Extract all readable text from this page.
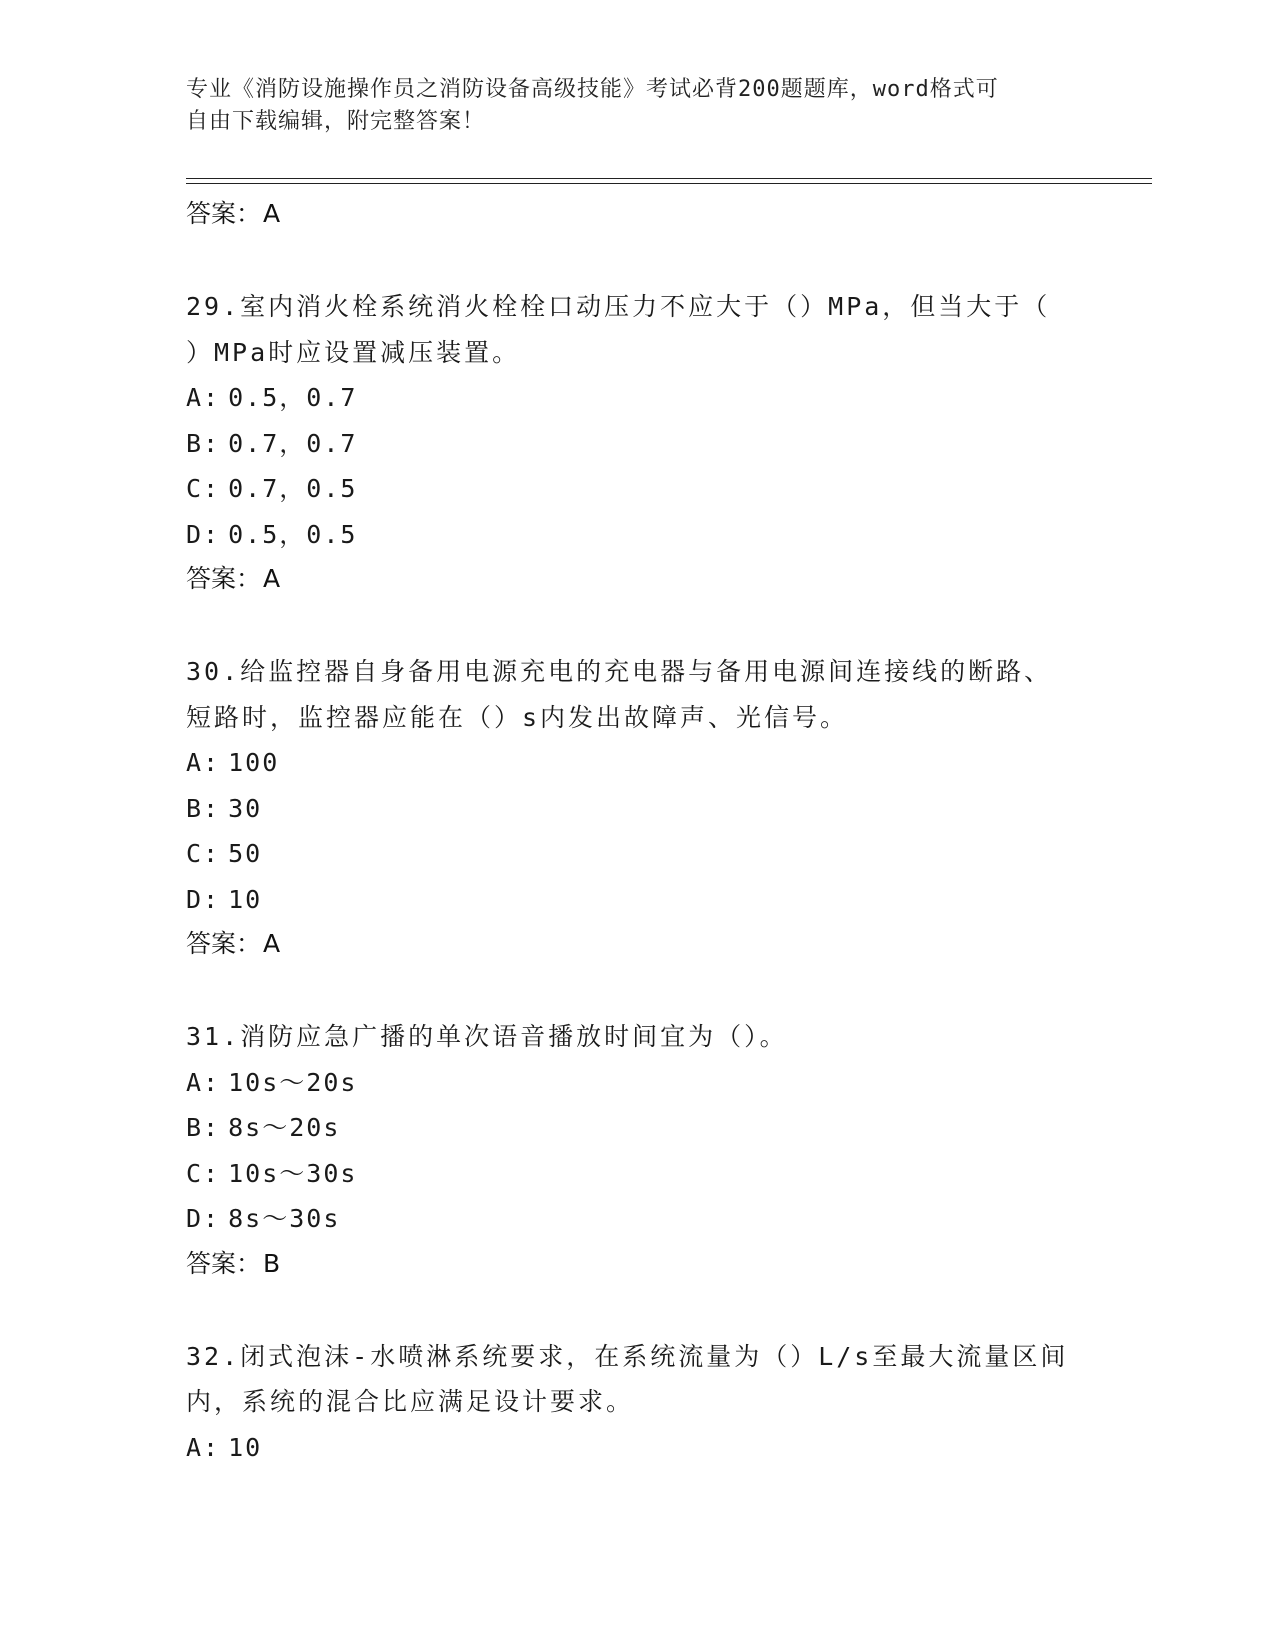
专业《消防设施操作员之消防设备高级技能》考试必背200题题库，word格式可
自由下载编辑，附完整答案！
答案：A
29.室内消火栓系统消火栓栓口动压力不应大于（）MPa，但当大于（
）MPa时应设置减压装置。
A: 0.5，0.7
B: 0.7，0.7
C: 0.7，0.5
D: 0.5，0.5
答案：A
30.给监控器自身备用电源充电的充电器与备用电源间连接线的断路、
短路时，监控器应能在（）s内发出故障声、光信号。
A: 100
B: 30
C: 50
D: 10
答案：A
31.消防应急广播的单次语音播放时间宜为（）。
A: 10s～20s
B: 8s～20s
C: 10s～30s
D: 8s～30s
答案：B
32.闭式泡沫-水喷淋系统要求，在系统流量为（）L/s至最大流量区间
内，系统的混合比应满足设计要求。
A: 10
